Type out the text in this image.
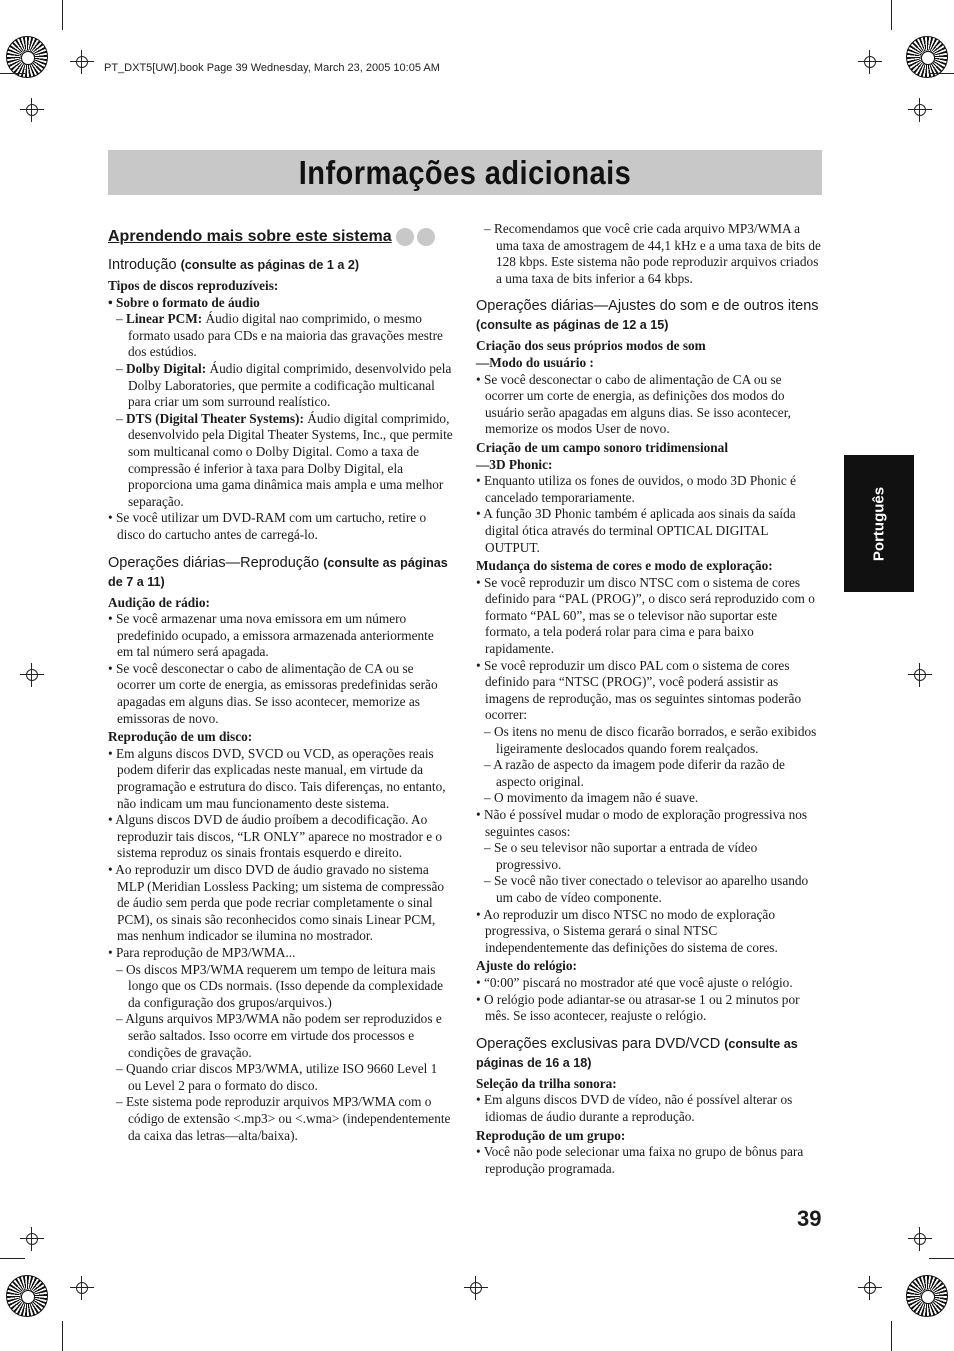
PT_DXT5[UW].book Page 39 Wednesday, March 23, 2005 10:05 AM
Informações adicionais
Português
Aprendendo mais sobre este sistema
Introdução (consulte as páginas de 1 a 2)

Tipos de discos reproduzíveis:

• Sobre o formato de áudio

– Linear PCM: Áudio digital nao comprimido, o mesmo formato usado para CDs e na maioria das gravações mestre dos estúdios.

– Dolby Digital: Áudio digital comprimido, desenvolvido pela Dolby Laboratories, que permite a codificação multicanal para criar um som surround realístico.

– DTS (Digital Theater Systems): Áudio digital comprimido, desenvolvido pela Digital Theater Systems, Inc., que permite som multicanal como o Dolby Digital. Como a taxa de compressão é inferior à taxa para Dolby Digital, ela proporciona uma gama dinâmica mais ampla e uma melhor separação.

• Se você utilizar um DVD-RAM com um cartucho, retire o disco do cartucho antes de carregá-lo.

Operações diárias—Reprodução (consulte as páginas de 7 a 11)

Audição de rádio:

• Se você armazenar uma nova emissora em um número predefinido ocupado, a emissora armazenada anteriormente em tal número será apagada.

• Se você desconectar o cabo de alimentação de CA ou se ocorrer um corte de energia, as emissoras predefinidas serão apagadas em alguns dias. Se isso acontecer, memorize as emissoras de novo.

Reprodução de um disco:

• Em alguns discos DVD, SVCD ou VCD, as operações reais podem diferir das explicadas neste manual, em virtude da programação e estrutura do disco. Tais diferenças, no entanto, não indicam um mau funcionamento deste sistema.

• Alguns discos DVD de áudio proíbem a decodificação. Ao reproduzir tais discos, “LR ONLY” aparece no mostrador e o sistema reproduz os sinais frontais esquerdo e direito.

• Ao reproduzir um disco DVD de áudio gravado no sistema MLP (Meridian Lossless Packing; um sistema de compressão de áudio sem perda que pode recriar completamente o sinal PCM), os sinais são reconhecidos como sinais Linear PCM, mas nenhum indicador se ilumina no mostrador.

• Para reprodução de MP3/WMA...

– Os discos MP3/WMA requerem um tempo de leitura mais longo que os CDs normais. (Isso depende da complexidade da configuração dos grupos/arquivos.)

– Alguns arquivos MP3/WMA não podem ser reproduzidos e serão saltados. Isso ocorre em virtude dos processos e condições de gravação.

– Quando criar discos MP3/WMA, utilize ISO 9660 Level 1 ou Level 2 para o formato do disco.

– Este sistema pode reproduzir arquivos MP3/WMA com o código de extensão <.mp3> ou <.wma> (independentemente da caixa das letras—alta/baixa).

– Recomendamos que você crie cada arquivo MP3/WMA a uma taxa de amostragem de 44,1 kHz e a uma taxa de bits de 128 kbps. Este sistema não pode reproduzir arquivos criados a uma taxa de bits inferior a 64 kbps.

Operações diárias—Ajustes do som e de outros itens (consulte as páginas de 12 a 15)

Criação dos seus próprios modos de som

—Modo do usuário :

• Se você desconectar o cabo de alimentação de CA ou se ocorrer um corte de energia, as definições dos modos do usuário serão apagadas em alguns dias. Se isso acontecer, memorize os modos User de novo.

Criação de um campo sonoro tridimensional

—3D Phonic:

• Enquanto utiliza os fones de ouvidos, o modo 3D Phonic é cancelado temporariamente.

• A função 3D Phonic também é aplicada aos sinais da saída digital ótica através do terminal OPTICAL DIGITAL OUTPUT.

Mudança do sistema de cores e modo de exploração:

• Se você reproduzir um disco NTSC com o sistema de cores definido para “PAL (PROG)”, o disco será reproduzido com o formato “PAL 60”, mas se o televisor não suportar este formato, a tela poderá rolar para cima e para baixo rapidamente.

• Se você reproduzir um disco PAL com o sistema de cores definido para “NTSC (PROG)”, você poderá assistir as imagens de reprodução, mas os seguintes sintomas poderão ocorrer:

– Os itens no menu de disco ficarão borrados, e serão exibidos ligeiramente deslocados quando forem realçados.

– A razão de aspecto da imagem pode diferir da razão de aspecto original.

– O movimento da imagem não é suave.

• Não é possível mudar o modo de exploração progressiva nos seguintes casos:

– Se o seu televisor não suportar a entrada de vídeo progressivo.

– Se você não tiver conectado o televisor ao aparelho usando um cabo de vídeo componente.

• Ao reproduzir um disco NTSC no modo de exploração progressiva, o Sistema gerará o sinal NTSC independentemente das definições do sistema de cores.

Ajuste do relógio:

• “0:00” piscará no mostrador até que você ajuste o relógio.

• O relógio pode adiantar-se ou atrasar-se 1 ou 2 minutos por mês. Se isso acontecer, reajuste o relógio.

Operações exclusivas para DVD/VCD (consulte as páginas de 16 a 18)

Seleção da trilha sonora:

• Em alguns discos DVD de vídeo, não é possível alterar os idiomas de áudio durante a reprodução.

Reprodução de um grupo:

• Você não pode selecionar uma faixa no grupo de bônus para reprodução programada.

39
